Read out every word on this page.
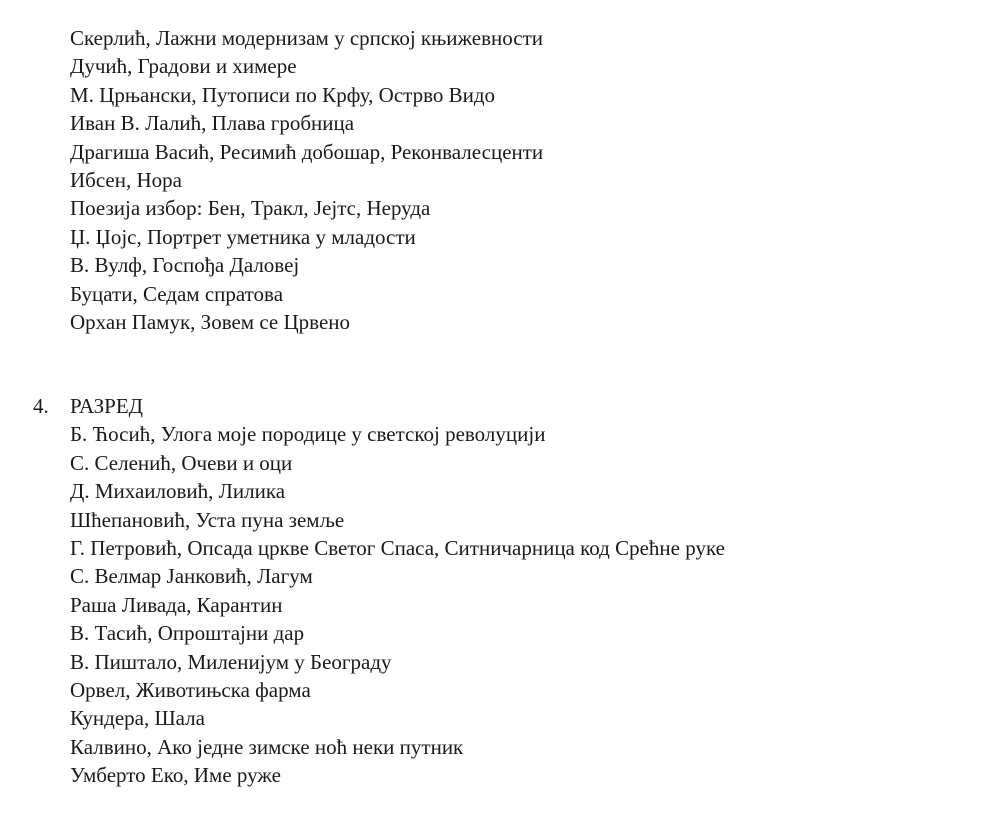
Скерлић, Лажни модернизам у српској књижевности
Дучић, Градови и химере
М. Црњански, Путописи по Крфу, Острво Видо
Иван В. Лалић, Плава гробница
Драгиша Васић, Ресимић добошар, Реконвалесценти
Ибсен, Нора
Поезија избор: Бен, Тракл, Јејтс, Неруда
Џ. Џојс, Портрет уметника у младости
В. Вулф, Госпођа Даловеј
Буцати, Седам спратова
Орхан Памук, Зовем се Црвено
4. РАЗРЕД
Б. Ћосић, Улога моје породице у светској револуцији
С. Селенић, Очеви и оци
Д. Михаиловић, Лилика
Шћепановић, Уста пуна земље
Г. Петровић, Опсада цркве Светог Спаса, Ситничарница код Срећне руке
С. Велмар Јанковић, Лагум
Раша Ливада, Карантин
В. Тасић, Опроштајни дар
В. Пиштало, Миленијум у Београду
Орвел, Животињска фарма
Кундера, Шала
Калвино, Ако једне зимске ноћ неки путник
Умберто Еко, Име руже
